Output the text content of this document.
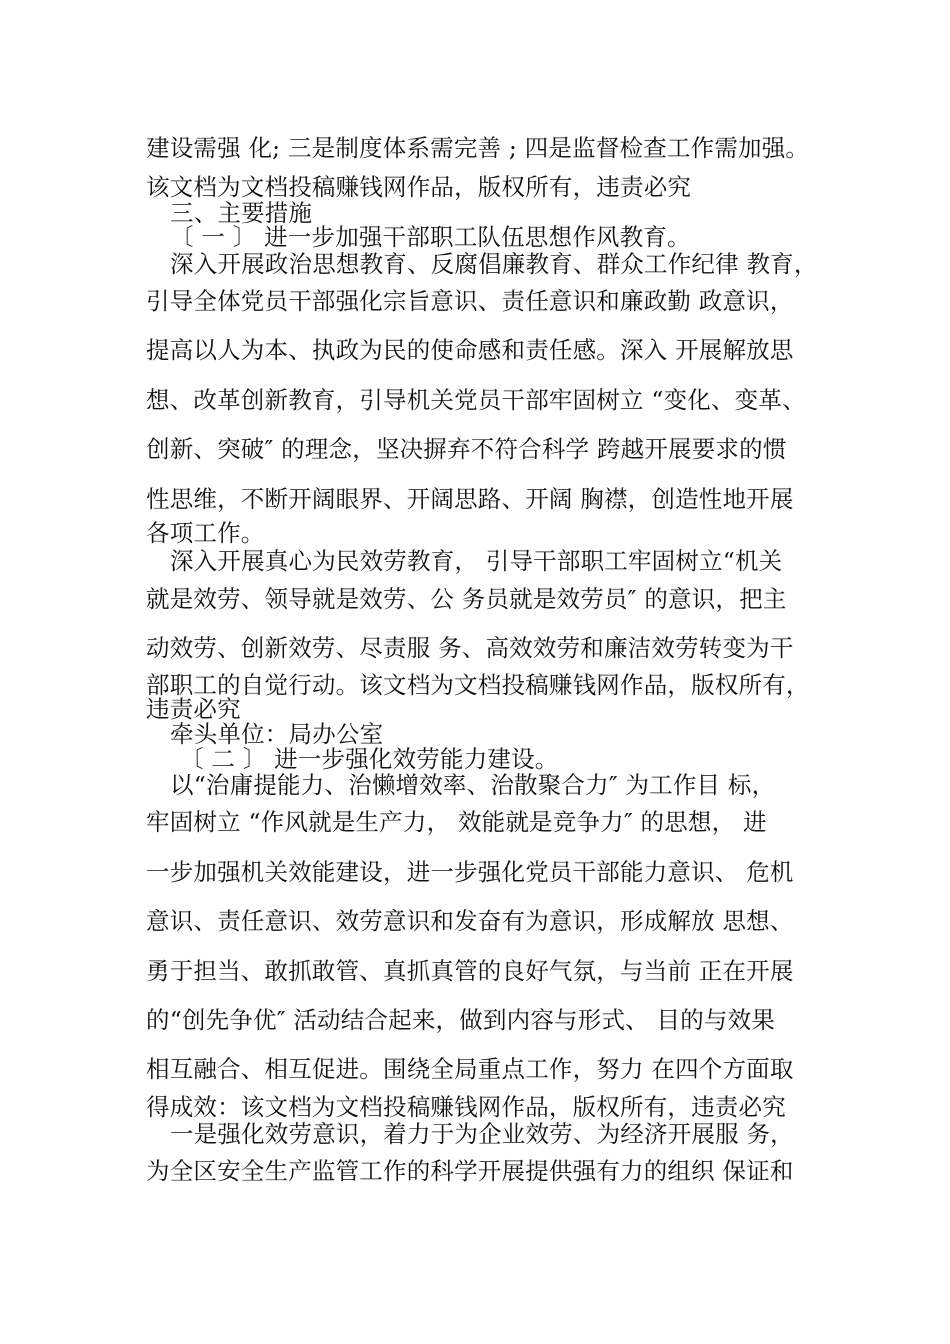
建设需强 化; 三是制度体系需完善 ; 四是监督检查工作需加强。
该文档为文档投稿赚钱网作品，版权所有，违责必究
三、主要措施
〔 一 〕 进一步加强干部职工队伍思想作风教育。
深入开展政治思想教育、反腐倡廉教育、群众工作纪律 教育，
引导全体党员干部强化宗旨意识、责任意识和廉政勤 政意识，
提高以人为本、执政为民的使命感和责任感。深入 开展解放思
想、改革创新教育，引导机关党员干部牢固树立 “变化、变革、
创新、突破″ 的理念，坚决摒弃不符合科学 跨越开展要求的惯
性思维，不断开阔眼界、开阔思路、开阔 胸襟，创造性地开展
各项工作。
深入开展真心为民效劳教育， 引导干部职工牢固树立“机关
就是效劳、领导就是效劳、公 务员就是效劳员″ 的意识，把主
动效劳、创新效劳、尽责服 务、高效效劳和廉洁效劳转变为干
部职工的自觉行动。该文档为文档投稿赚钱网作品，版权所有，
违责必究
牵头单位：局办公室
〔 二 〕 进一步强化效劳能力建设。
以“治庸提能力、治懒增效率、治散聚合力″ 为工作目 标，
牢固树立 “作风就是生产力， 效能就是竞争力″ 的思想， 进
一步加强机关效能建设，进一步强化党员干部能力意识、 危机
意识、责任意识、效劳意识和发奋有为意识，形成解放 思想、
勇于担当、敢抓敢管、真抓真管的良好气氛，与当前 正在开展
的“创先争优″ 活动结合起来，做到内容与形式、 目的与效果
相互融合、相互促进。围绕全局重点工作，努力 在四个方面取
得成效：该文档为文档投稿赚钱网作品，版权所有，违责必究
一是强化效劳意识，着力于为企业效劳、为经济开展服 务，
为全区安全生产监管工作的科学开展提供强有力的组织 保证和
